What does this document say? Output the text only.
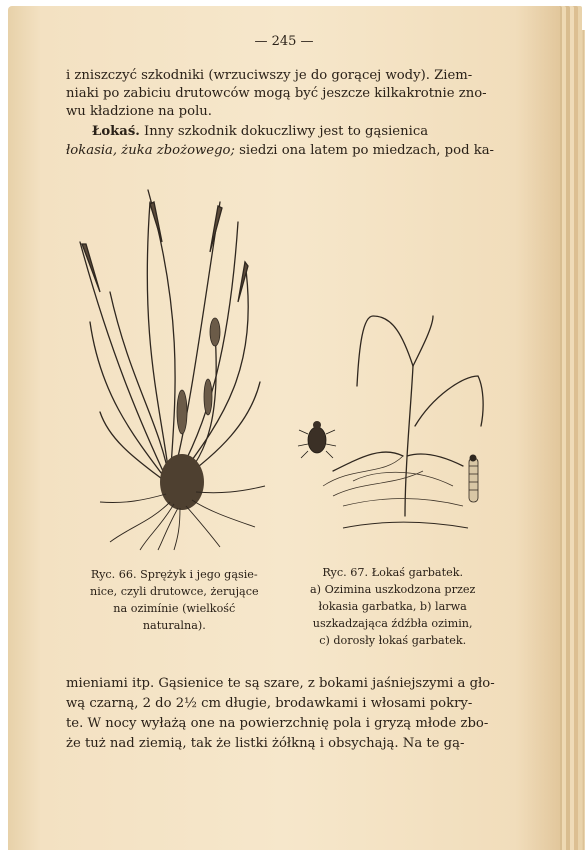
— 245 —
i zniszczyć szkodniki (wrzuciwszy je do gorącej wody). Ziem-
niaki po zabiciu drutowców mogą być jeszcze kilkakrotnie zno-
wu kładzione na polu.
Łokaś. Inny szkodnik dokuczliwy jest to gąsienica
łokasia, żuka zbożowego; siedzi ona latem po miedzach, pod ka-
Ryc. 66. Sprężyk i jego gąsie-
nice, czyli drutowce, żerujące
na ozimínie (wielkość
naturalna).
Ryc. 67. Łokaś garbatek.
a) Ozimina uszkodzona przez
łokasia garbatka, b) larwa
uszkadzająca źdźbła ozimin,
c) dorosły łokaś garbatek.
mieniami itp. Gąsienice te są szare, z bokami jaśniejszymi a gło-
wą czarną, 2 do 2½ cm długie, brodawkami i włosami pokry-
te. W nocy wyłażą one na powierzchnię pola i gryzą młode zbo-
że tuż nad ziemią, tak że listki żółkną i obsychają. Na te gą-
